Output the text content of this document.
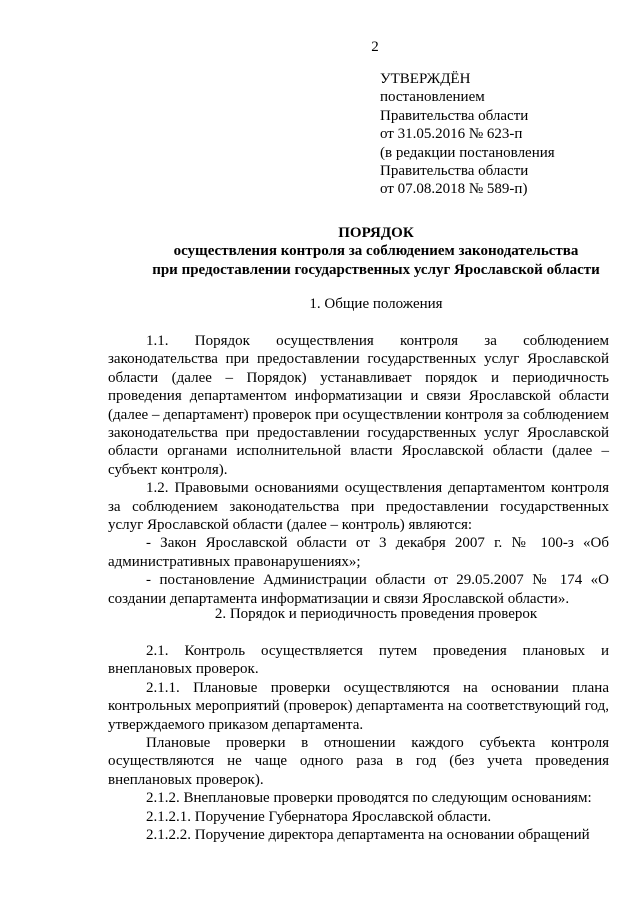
2
УТВЕРЖДЁН
постановлением
Правительства области
от 31.05.2016 № 623-п
(в редакции постановления
Правительства области
от 07.08.2018 № 589-п)
ПОРЯДОК
осуществления контроля за соблюдением законодательства
при предоставлении государственных услуг Ярославской области
1. Общие положения

1.1. Порядок осуществления контроля за соблюдением законодательства при предоставлении государственных услуг Ярославской области (далее – Порядок) устанавливает порядок и периодичность проведения департаментом информатизации и связи Ярославской области (далее – департамент) проверок при осуществлении контроля за соблюдением законодательства при предоставлении государственных услуг Ярославской области органами исполнительной власти Ярославской области (далее – субъект контроля).

1.2. Правовыми основаниями осуществления департаментом контроля за соблюдением законодательства при предоставлении государственных услуг Ярославской области (далее – контроль) являются:

- Закон Ярославской области от 3 декабря 2007 г. № 100-з «Об административных правонарушениях»;

- постановление Администрации области от 29.05.2007 № 174 «О создании департамента информатизации и связи Ярославской области».

2. Порядок и периодичность проведения проверок

2.1. Контроль осуществляется путем проведения плановых и внеплановых проверок.

2.1.1. Плановые проверки осуществляются на основании плана контрольных мероприятий (проверок) департамента на соответствующий год, утверждаемого приказом департамента.

Плановые проверки в отношении каждого субъекта контроля осуществляются не чаще одного раза в год (без учета проведения внеплановых проверок).

2.1.2. Внеплановые проверки проводятся по следующим основаниям:

2.1.2.1. Поручение Губернатора Ярославской области.

2.1.2.2. Поручение директора департамента на основании обращений
